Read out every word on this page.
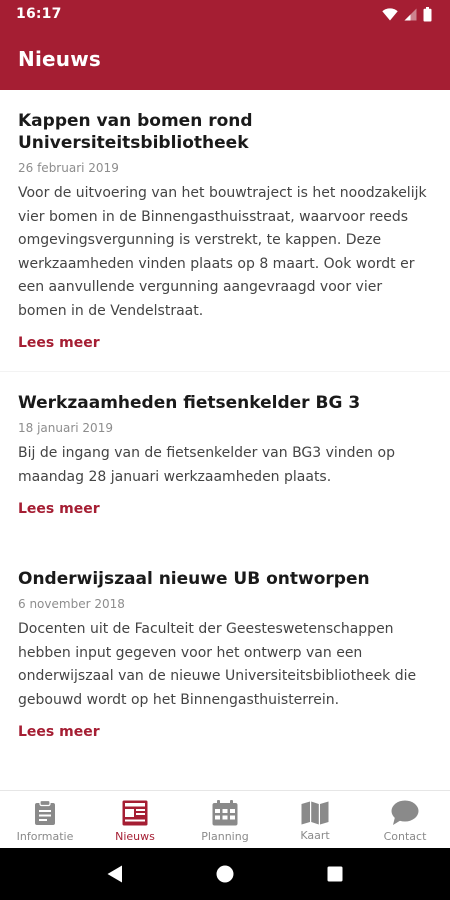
16:17
Nieuws
Kappen van bomen rond Universiteitsbibliotheek
26 februari 2019
Voor de uitvoering van het bouwtraject is het noodzakelijk vier bomen in de Binnengasthuisstraat, waarvoor reeds omgevingsvergunning is verstrekt, te kappen. Deze werkzaamheden vinden plaats op 8 maart. Ook wordt er een aanvullende vergunning aangevraagd voor vier bomen in de Vendelstraat.
Lees meer
Werkzaamheden fietsenkelder BG 3
18 januari 2019
Bij de ingang van de fietsenkelder van BG3 vinden op maandag 28 januari werkzaamheden plaats.
Lees meer
Onderwijszaal nieuwe UB ontworpen
6 november 2018
Docenten uit de Faculteit der Geesteswetenschappen hebben input gegeven voor het ontwerp van een onderwijszaal van de nieuwe Universiteitsbibliotheek die gebouwd wordt op het Binnengasthuisterrein.
Lees meer
Informatie	Nieuws	Planning	Kaart	Contact
